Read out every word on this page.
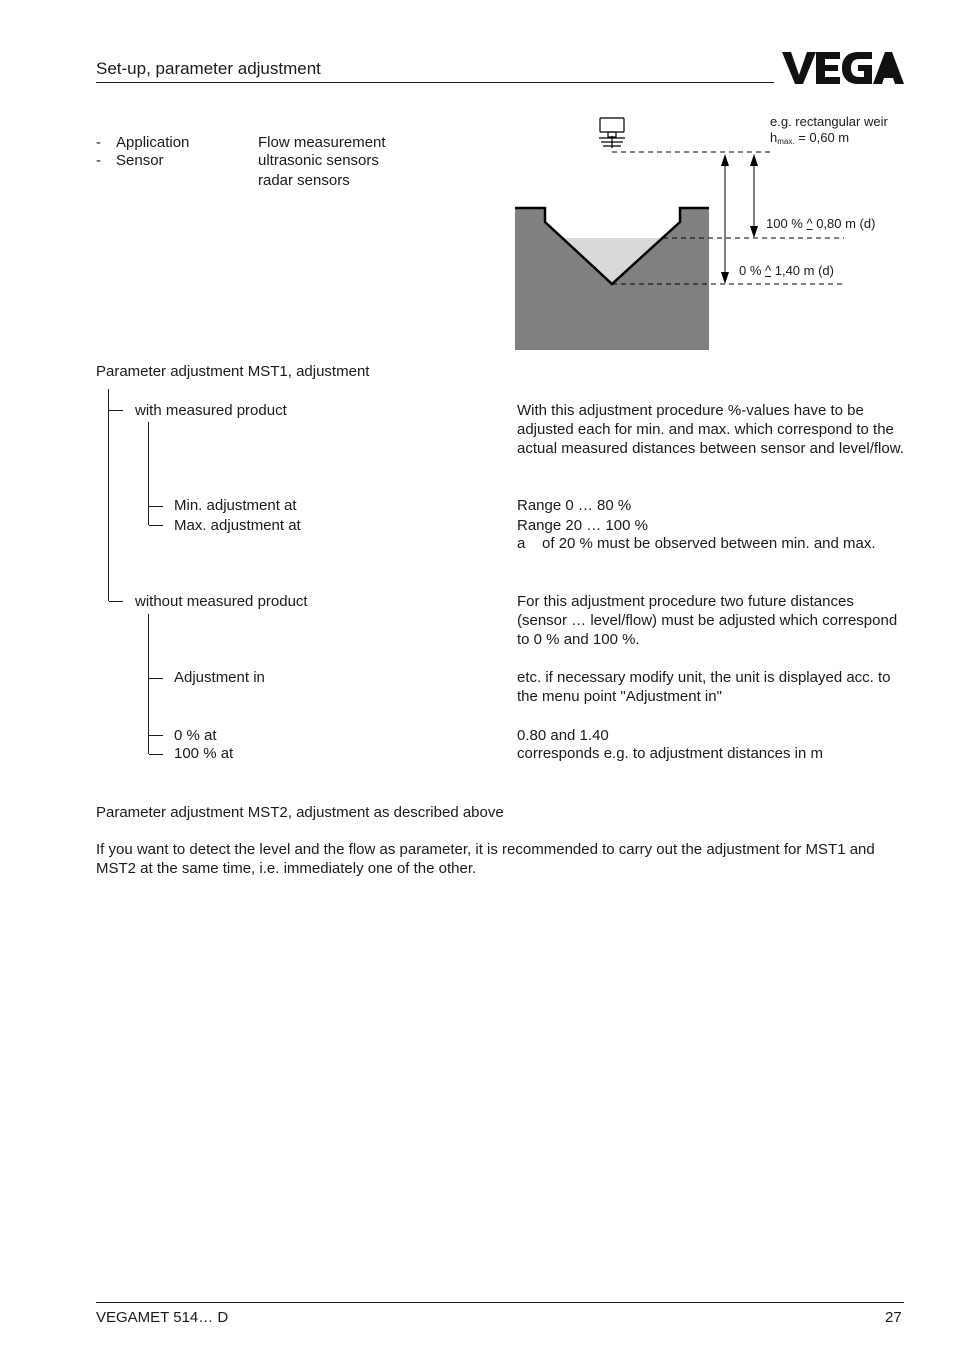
Set-up, parameter adjustment
- Application	Flow measurement
- Sensor	ultrasonic sensors
radar sensors
e.g. rectangular weir
$h_{max.} = 0,60$ m
100 % ^ 0,80 m (d)
0 % ^ 1,40 m (d)
Parameter adjustment MST1, adjustment
with measured product	With this adjustment procedure %-values have to be adjusted each for min. and max. which correspond to the actual measured distances between sensor and level/flow.
Min. adjustment at	Range 0 … 80 %
Max. adjustment at	Range 20 … 100 %
a    of 20 % must be observed between min. and max.
without measured product	For this adjustment procedure two future distances (sensor … level/flow) must be adjusted which correspond to 0 % and 100 %.
Adjustment in	etc. if necessary modify unit, the unit is displayed acc. to the menu point "Adjustment in"
0 % at	0.80 and 1.40
100 % at	corresponds e.g. to adjustment distances in m
Parameter adjustment MST2, adjustment as described above
If you want to detect the level and the flow as parameter, it is recommended to carry out the adjustment for MST1 and MST2 at the same time, i.e. immediately one of the other.
VEGAMET 514… D	27
